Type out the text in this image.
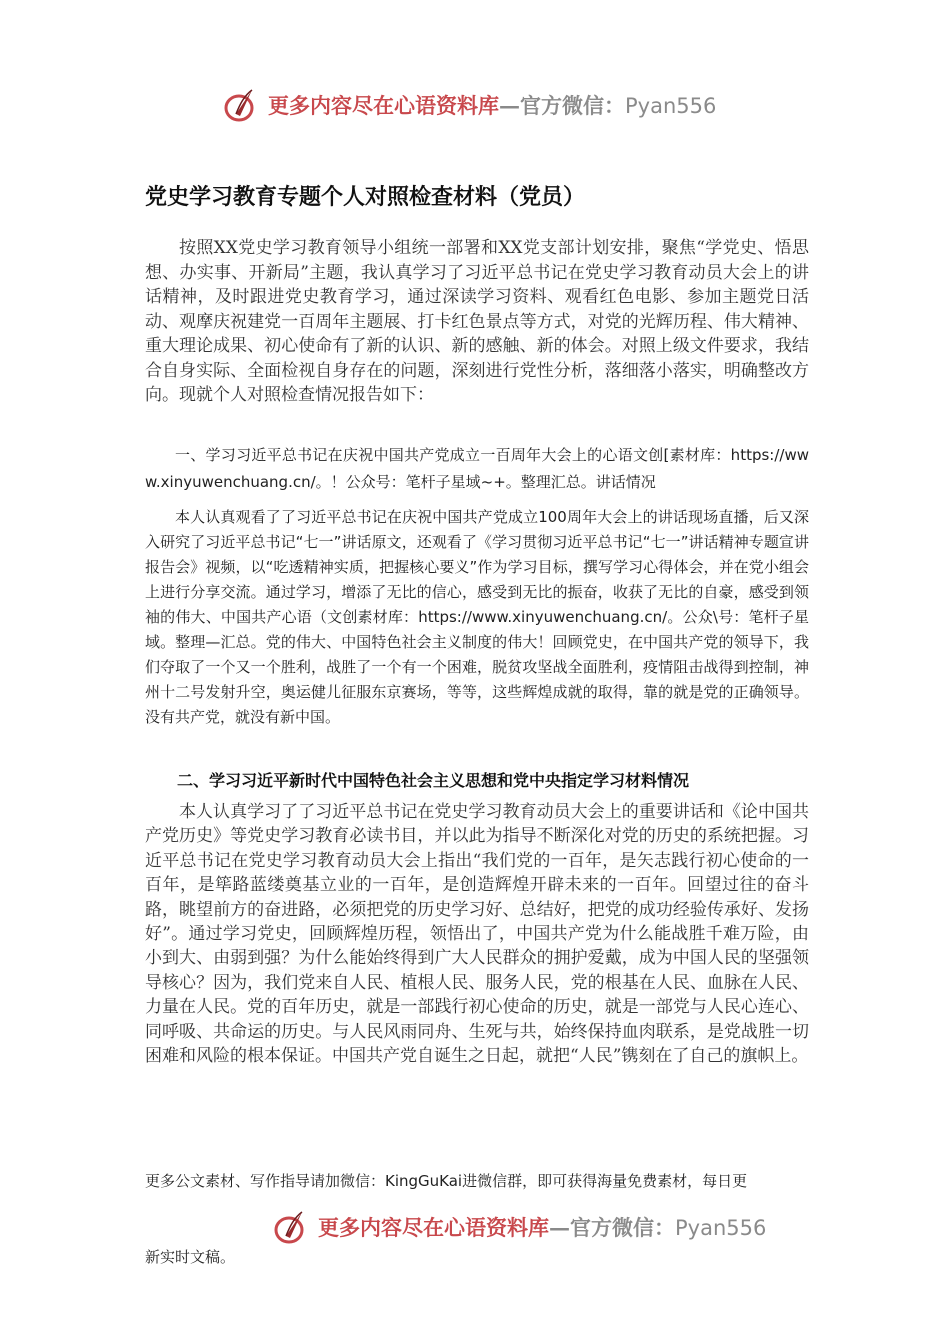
更多内容尽在心语资料库—官方微信：Pyan556
党史学习教育专题个人对照检查材料（党员）

按照XX党史学习教育领导小组统一部署和XX党支部计划安排，聚焦“学党史、悟思想、办实事、开新局”主题，我认真学习了习近平总书记在党史学习教育动员大会上的讲话精神，及时跟进党史教育学习，通过深读学习资料、观看红色电影、参加主题党日活动、观摩庆祝建党一百周年主题展、打卡红色景点等方式，对党的光辉历程、伟大精神、重大理论成果、初心使命有了新的认识、新的感触、新的体会。对照上级文件要求，我结合自身实际、全面检视自身存在的问题，深刻进行党性分析，落细落小落实，明确整改方向。现就个人对照检查情况报告如下：

一、学习习近平总书记在庆祝中国共产党成立一百周年大会上的心语文创[素材库：https://www.xinyuwenchuang.cn/。！公众号：笔杆子星域~+。整理汇总。讲话情况

本人认真观看了了习近平总书记在庆祝中国共产党成立100周年大会上的讲话现场直播，后又深入研究了习近平总书记“七一”讲话原文，还观看了《学习贯彻习近平总书记“七一”讲话精神专题宣讲报告会》视频，以“吃透精神实质，把握核心要义”作为学习目标，撰写学习心得体会，并在党小组会上进行分享交流。通过学习，增添了无比的信心，感受到无比的振奋，收获了无比的自豪，感受到领袖的伟大、中国共产心语（文创素材库：https://www.xinyuwenchuang.cn/。公众\号：笔杆子星域。整理—汇总。党的伟大、中国特色社会主义制度的伟大！回顾党史，在中国共产党的领导下，我们夺取了一个又一个胜利，战胜了一个有一个困难，脱贫攻坚战全面胜利，疫情阻击战得到控制，神州十二号发射升空，奥运健儿征服东京赛场，等等，这些辉煌成就的取得，靠的就是党的正确领导。没有共产党，就没有新中国。

二、学习习近平新时代中国特色社会主义思想和党中央指定学习材料情况

本人认真学习了了习近平总书记在党史学习教育动员大会上的重要讲话和《论中国共产党历史》等党史学习教育必读书目，并以此为指导不断深化对党的历史的系统把握。习近平总书记在党史学习教育动员大会上指出“我们党的一百年，是矢志践行初心使命的一百年，是筚路蓝缕奠基立业的一百年，是创造辉煌开辟未来的一百年。回望过往的奋斗路，眺望前方的奋进路，必须把党的历史学习好、总结好，把党的成功经验传承好、发扬好”。通过学习党史，回顾辉煌历程，领悟出了，中国共产党为什么能战胜千难万险，由小到大、由弱到强？为什么能始终得到广大人民群众的拥护爱戴，成为中国人民的坚强领导核心？因为，我们党来自人民、植根人民、服务人民，党的根基在人民、血脉在人民、力量在人民。党的百年历史，就是一部践行初心使命的历史，就是一部党与人民心连心、同呼吸、共命运的历史。与人民风雨同舟、生死与共，始终保持血肉联系，是党战胜一切困难和风险的根本保证。中国共产党自诞生之日起，就把“人民”镌刻在了自己的旗帜上。

更多公文素材、写作指导请加微信：KingGuKai进微信群，即可获得海量免费素材，每日更

更多内容尽在心语资料库—官方微信：Pyan556

新实时文稿。
